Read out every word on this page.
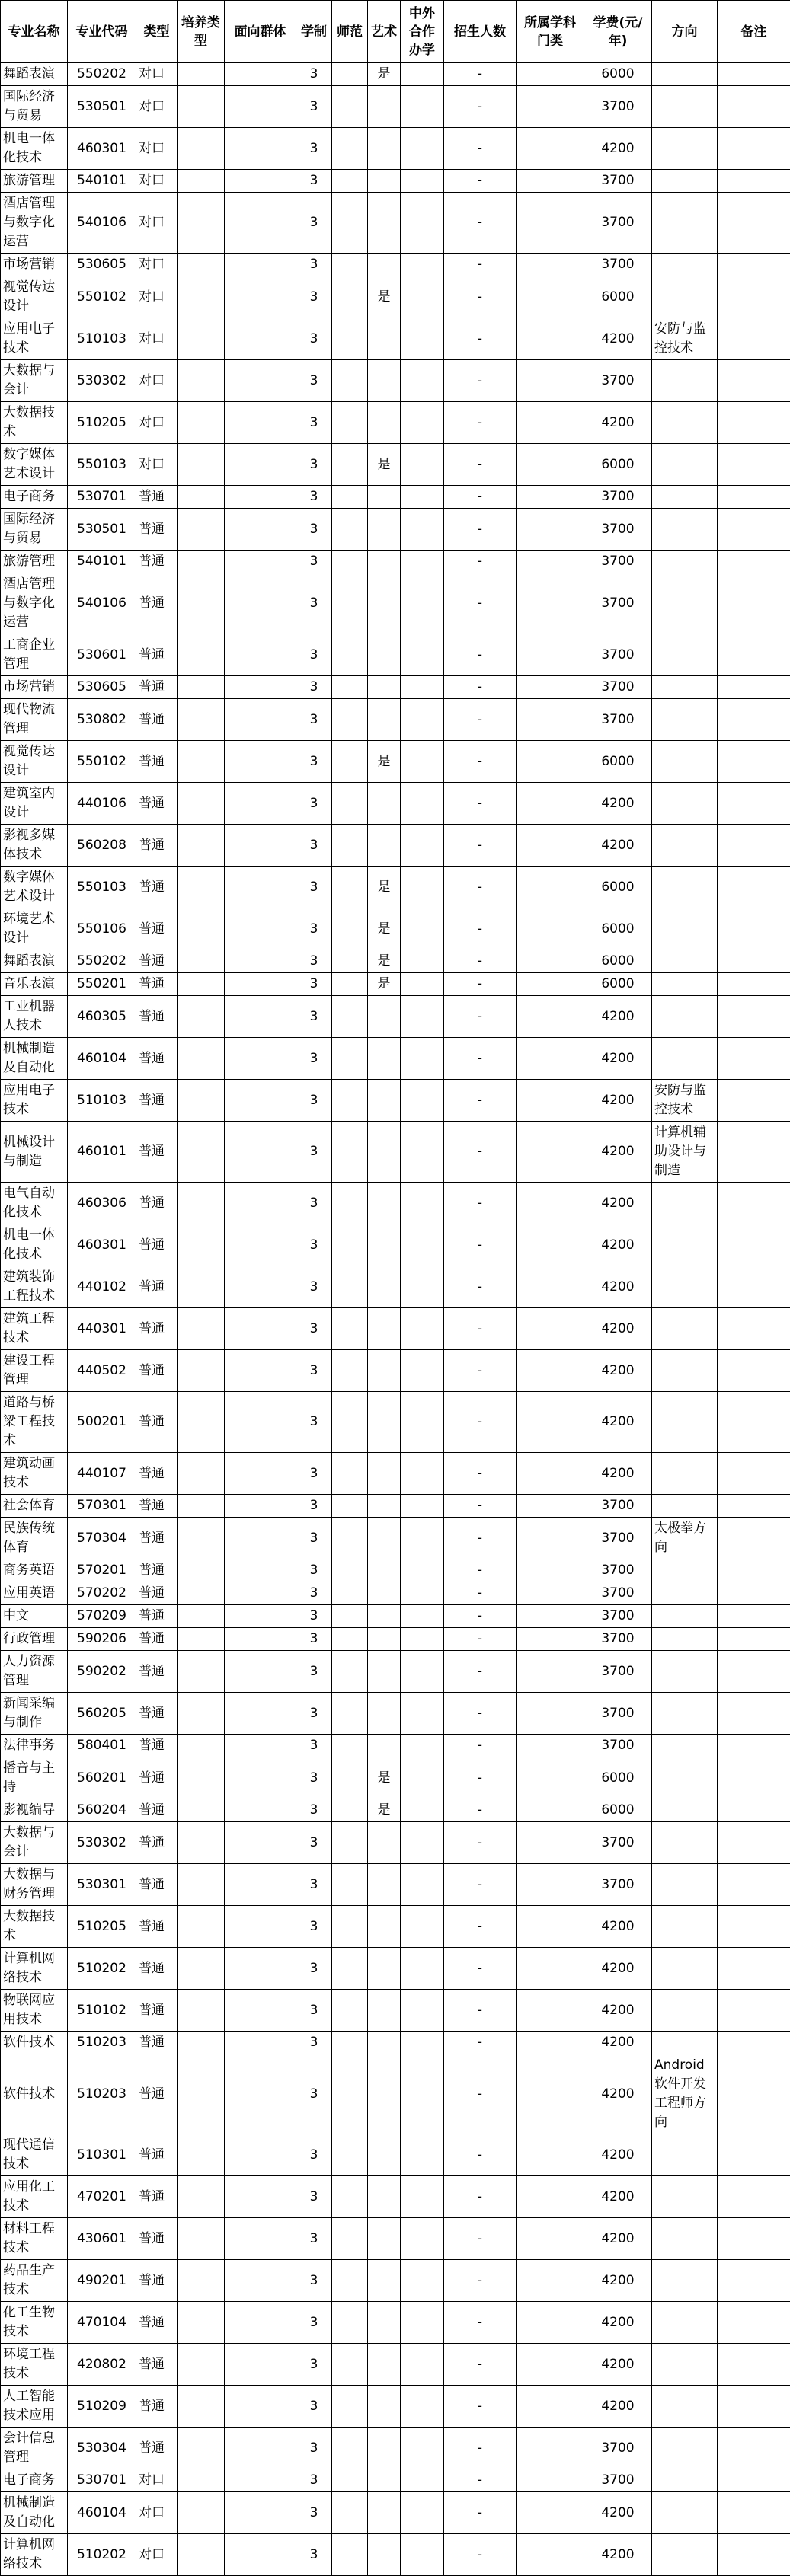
专业名称	专业代码	类型	培养类型	面向群体	学制	师范	艺术	中外合作办学	招生人数	所属学科门类	学费(元/年)	方向	备注
舞蹈表演	550202	对口			3		是		-		6000		
国际经济与贸易	530501	对口			3				-		3700		
机电一体化技术	460301	对口			3				-		4200		
旅游管理	540101	对口			3				-		3700		
酒店管理与数字化运营	540106	对口			3				-		3700		
市场营销	530605	对口			3				-		3700		
视觉传达设计	550102	对口			3		是		-		6000		
应用电子技术	510103	对口			3				-		4200	安防与监控技术	
大数据与会计	530302	对口			3				-		3700		
大数据技术	510205	对口			3				-		4200		
数字媒体艺术设计	550103	对口			3		是		-		6000		
电子商务	530701	普通			3				-		3700		
国际经济与贸易	530501	普通			3				-		3700		
旅游管理	540101	普通			3				-		3700		
酒店管理与数字化运营	540106	普通			3				-		3700		
工商企业管理	530601	普通			3				-		3700		
市场营销	530605	普通			3				-		3700		
现代物流管理	530802	普通			3				-		3700		
视觉传达设计	550102	普通			3		是		-		6000		
建筑室内设计	440106	普通			3				-		4200		
影视多媒体技术	560208	普通			3				-		4200		
数字媒体艺术设计	550103	普通			3		是		-		6000		
环境艺术设计	550106	普通			3		是		-		6000		
舞蹈表演	550202	普通			3		是		-		6000		
音乐表演	550201	普通			3		是		-		6000		
工业机器人技术	460305	普通			3				-		4200		
机械制造及自动化	460104	普通			3				-		4200		
应用电子技术	510103	普通			3				-		4200	安防与监控技术	
机械设计与制造	460101	普通			3				-		4200	计算机辅助设计与制造	
电气自动化技术	460306	普通			3				-		4200		
机电一体化技术	460301	普通			3				-		4200		
建筑装饰工程技术	440102	普通			3				-		4200		
建筑工程技术	440301	普通			3				-		4200		
建设工程管理	440502	普通			3				-		4200		
道路与桥梁工程技术	500201	普通			3				-		4200		
建筑动画技术	440107	普通			3				-		4200		
社会体育	570301	普通			3				-		3700		
民族传统体育	570304	普通			3				-		3700	太极拳方向	
商务英语	570201	普通			3				-		3700		
应用英语	570202	普通			3				-		3700		
中文	570209	普通			3				-		3700		
行政管理	590206	普通			3				-		3700		
人力资源管理	590202	普通			3				-		3700		
新闻采编与制作	560205	普通			3				-		3700		
法律事务	580401	普通			3				-		3700		
播音与主持	560201	普通			3		是		-		6000		
影视编导	560204	普通			3		是		-		6000		
大数据与会计	530302	普通			3				-		3700		
大数据与财务管理	530301	普通			3				-		3700		
大数据技术	510205	普通			3				-		4200		
计算机网络技术	510202	普通			3				-		4200		
物联网应用技术	510102	普通			3				-		4200		
软件技术	510203	普通			3				-		4200		
软件技术	510203	普通			3				-		4200	Android软件开发工程师方向	
现代通信技术	510301	普通			3				-		4200		
应用化工技术	470201	普通			3				-		4200		
材料工程技术	430601	普通			3				-		4200		
药品生产技术	490201	普通			3				-		4200		
化工生物技术	470104	普通			3				-		4200		
环境工程技术	420802	普通			3				-		4200		
人工智能技术应用	510209	普通			3				-		4200		
会计信息管理	530304	普通			3				-		3700		
电子商务	530701	对口			3				-		3700		
机械制造及自动化	460104	对口			3				-		4200		
计算机网络技术	510202	对口			3				-		4200		
